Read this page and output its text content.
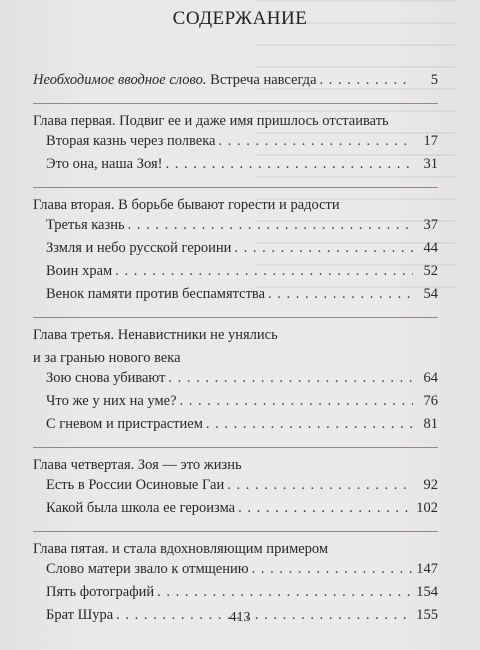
СОДЕРЖАНИЕ
Необходимое вводное слово. Встреча навсегда . . .	5
Глава первая. Подвиг ее и даже имя пришлось отстаивать
Вторая казнь через полвека . . .	17
Это она, наша Зоя! . . .	31
Глава вторая. В борьбе бывают горести и радости
Третья казнь . . .	37
Ззмля и небо русской героини . . .	44
Воин храм . . .	52
Венок памяти против беспамятства . . .	54
Глава третья. Ненавистники не унялись
и за гранью нового века
Зою снова убивают . . .	64
Что же у них на уме? . . .	76
С гневом и пристрастием . . .	81
Глава четвертая. Зоя — это жизнь
Есть в России Осиновые Гаи . . .	92
Какой была школа ее героизма . . .	102
Глава пятая. и стала вдохновляющим примером
Слово матери звало к отмщению . . .	147
Пять фотографий . . .	154
Брат Шура . . .	155
413
